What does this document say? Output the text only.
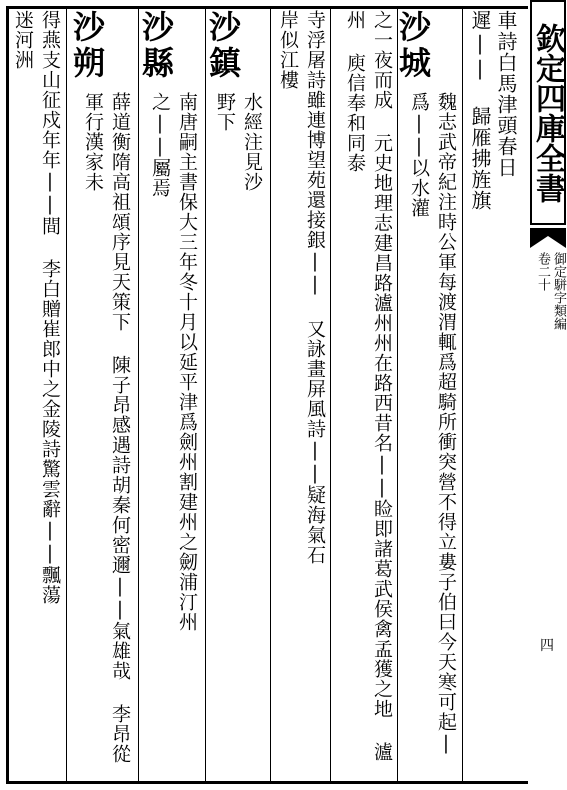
車詩白馬津頭春日
遲|| 歸雁拂旌旗
沙城
魏志武帝紀注時公軍每渡渭輒爲超騎所衝突營不得立婁子伯曰今天寒可起|爲||以水灌
之一夜而成 元史地理志建昌路瀘州州在路西昔名||睑即諸葛武侯禽孟獲之地 瀘州 庾信奉和同泰
寺浮屠詩雖連博望苑還接銀|| 又詠畫屏風詩||疑海氣石岸似江樓
沙鎮
水經注見沙野下
沙縣
南唐嗣主書保大三年冬十月以延平津爲劍州割建州之劒浦汀州之||屬焉
沙朔
薛道衡隋高祖頌序見天策下 陳子昂感遇詩胡秦何密邇||氣雄哉 李昂從軍行漢家未
得燕支山征戍年年||間 李白贈崔郎中之金陵詩驚雲辭||飄蕩迷河洲	欽定四庫全書
御定駢字類編
卷二十
四
